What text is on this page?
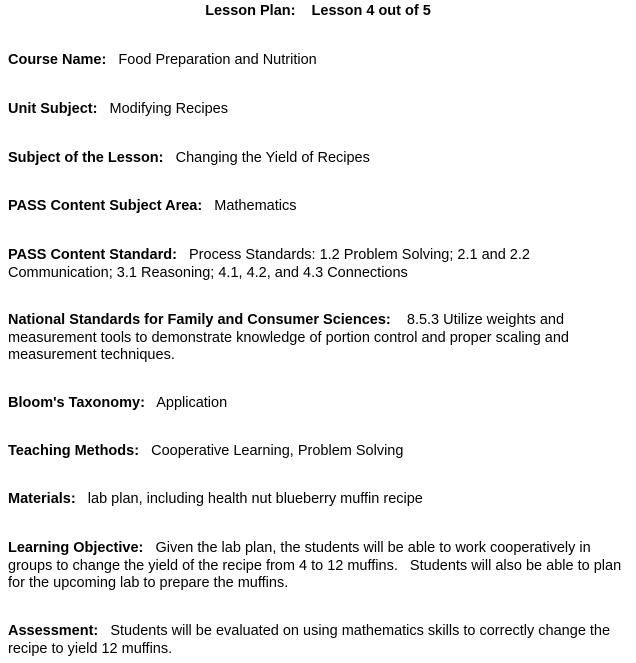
Lesson Plan:    Lesson 4 out of 5
Course Name: Food Preparation and Nutrition
Unit Subject: Modifying Recipes
Subject of the Lesson: Changing the Yield of Recipes
PASS Content Subject Area: Mathematics
PASS Content Standard: Process Standards: 1.2 Problem Solving; 2.1 and 2.2 Communication; 3.1 Reasoning; 4.1, 4.2, and 4.3 Connections
National Standards for Family and Consumer Sciences: 8.5.3 Utilize weights and measurement tools to demonstrate knowledge of portion control and proper scaling and measurement techniques.
Bloom's Taxonomy: Application
Teaching Methods: Cooperative Learning, Problem Solving
Materials: lab plan, including health nut blueberry muffin recipe
Learning Objective: Given the lab plan, the students will be able to work cooperatively in groups to change the yield of the recipe from 4 to 12 muffins.   Students will also be able to plan for the upcoming lab to prepare the muffins.
Assessment: Students will be evaluated on using mathematics skills to correctly change the recipe to yield 12 muffins.
